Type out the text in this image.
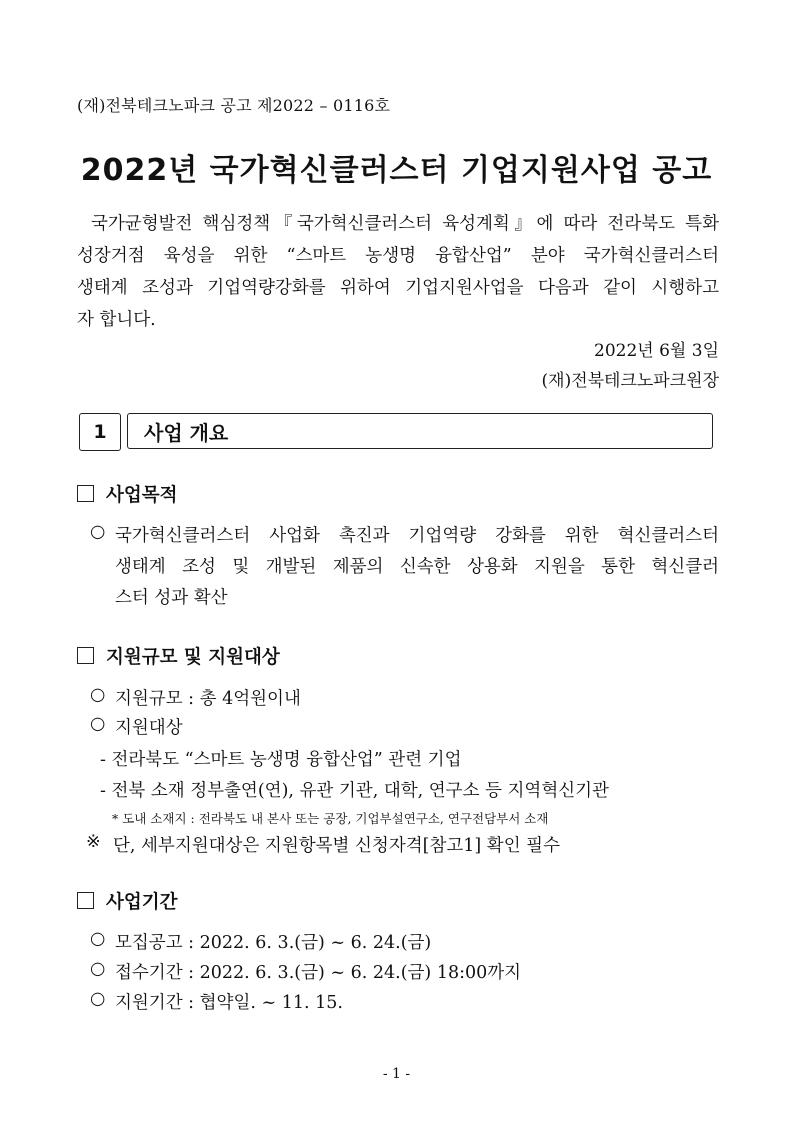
(재)전북테크노파크 공고 제2022 – 0116호
2022년 국가혁신클러스터 기업지원사업 공고
국가균형발전 핵심정책『국가혁신클러스터 육성계획』에 따라 전라북도 특화
성장거점 육성을 위한 “스마트 농생명 융합산업” 분야 국가혁신클러스터
생태계 조성과 기업역량강화를 위하여 기업지원사업을 다음과 같이 시행하고
자 합니다.
2022년 6월 3일
(재)전북테크노파크원장
1	사업 개요
사업목적
○ 국가혁신클러스터 사업화 촉진과 기업역량 강화를 위한 혁신클러스터
생태계 조성 및 개발된 제품의 신속한 상용화 지원을 통한 혁신클러
스터 성과 확산
지원규모 및 지원대상
○ 지원규모 : 총 4억원이내
○ 지원대상
- 전라북도 “스마트 농생명 융합산업” 관련 기업
- 전북 소재 정부출연(연), 유관 기관, 대학, 연구소 등 지역혁신기관
* 도내 소재지 : 전라북도 내 본사 또는 공장, 기업부설연구소, 연구전담부서 소재
※ 단, 세부지원대상은 지원항목별 신청자격[참고1] 확인 필수
사업기간
○ 모집공고 : 2022. 6. 3.(금) ~ 6. 24.(금)
○ 접수기간 : 2022. 6. 3.(금) ~ 6. 24.(금) 18:00까지
○ 지원기간 : 협약일. ~ 11. 15.
- 1 -
